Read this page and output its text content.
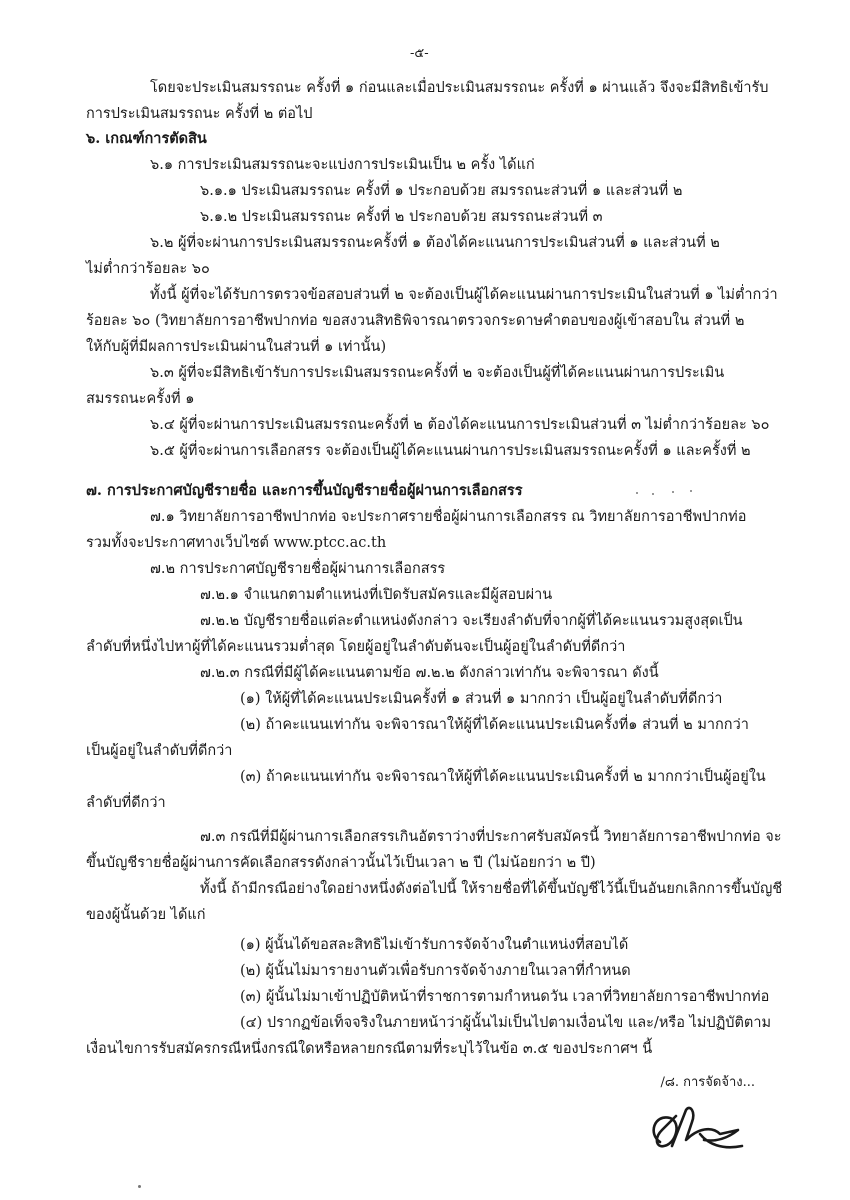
-๕-
โดยจะประเมินสมรรถนะ ครั้งที่ ๑ ก่อนและเมื่อประเมินสมรรถนะ ครั้งที่ ๑ ผ่านแล้ว จึงจะมีสิทธิเข้ารับ
การประเมินสมรรถนะ ครั้งที่ ๒ ต่อไป
๖. เกณฑ์การตัดสิน
๖.๑ การประเมินสมรรถนะจะแบ่งการประเมินเป็น ๒ ครั้ง ได้แก่
๖.๑.๑ ประเมินสมรรถนะ ครั้งที่ ๑ ประกอบด้วย สมรรถนะส่วนที่ ๑ และส่วนที่ ๒
๖.๑.๒ ประเมินสมรรถนะ ครั้งที่ ๒ ประกอบด้วย สมรรถนะส่วนที่ ๓
๖.๒ ผู้ที่จะผ่านการประเมินสมรรถนะครั้งที่ ๑ ต้องได้คะแนนการประเมินส่วนที่ ๑ และส่วนที่ ๒
ไม่ต่ำกว่าร้อยละ ๖๐
ทั้งนี้ ผู้ที่จะได้รับการตรวจข้อสอบส่วนที่ ๒ จะต้องเป็นผู้ได้คะแนนผ่านการประเมินในส่วนที่ ๑ ไม่ต่ำกว่า
ร้อยละ ๖๐ (วิทยาลัยการอาชีพปากท่อ ขอสงวนสิทธิพิจารณาตรวจกระดาษคำตอบของผู้เข้าสอบใน ส่วนที่ ๒
ให้กับผู้ที่มีผลการประเมินผ่านในส่วนที่ ๑ เท่านั้น)
๖.๓ ผู้ที่จะมีสิทธิเข้ารับการประเมินสมรรถนะครั้งที่ ๒ จะต้องเป็นผู้ที่ได้คะแนนผ่านการประเมิน
สมรรถนะครั้งที่ ๑
๖.๔ ผู้ที่จะผ่านการประเมินสมรรถนะครั้งที่ ๒ ต้องได้คะแนนการประเมินส่วนที่ ๓ ไม่ต่ำกว่าร้อยละ ๖๐
๖.๕ ผู้ที่จะผ่านการเลือกสรร จะต้องเป็นผู้ได้คะแนนผ่านการประเมินสมรรถนะครั้งที่ ๑ และครั้งที่ ๒
๗. การประกาศบัญชีรายชื่อ และการขึ้นบัญชีรายชื่อผู้ผ่านการเลือกสรร
๗.๑ วิทยาลัยการอาชีพปากท่อ จะประกาศรายชื่อผู้ผ่านการเลือกสรร ณ วิทยาลัยการอาชีพปากท่อ
รวมทั้งจะประกาศทางเว็บไซต์ www.ptcc.ac.th
๗.๒ การประกาศบัญชีรายชื่อผู้ผ่านการเลือกสรร
๗.๒.๑ จำแนกตามตำแหน่งที่เปิดรับสมัครและมีผู้สอบผ่าน
๗.๒.๒ บัญชีรายชื่อแต่ละตำแหน่งดังกล่าว จะเรียงลำดับที่จากผู้ที่ได้คะแนนรวมสูงสุดเป็น
ลำดับที่หนึ่งไปหาผู้ที่ได้คะแนนรวมต่ำสุด โดยผู้อยู่ในลำดับต้นจะเป็นผู้อยู่ในลำดับที่ดีกว่า
๗.๒.๓ กรณีที่มีผู้ได้คะแนนตามข้อ ๗.๒.๒ ดังกล่าวเท่ากัน จะพิจารณา ดังนี้
(๑) ให้ผู้ที่ได้คะแนนประเมินครั้งที่ ๑ ส่วนที่ ๑ มากกว่า เป็นผู้อยู่ในลำดับที่ดีกว่า
(๒) ถ้าคะแนนเท่ากัน จะพิจารณาให้ผู้ที่ได้คะแนนประเมินครั้งที่๑ ส่วนที่ ๒ มากกว่า
เป็นผู้อยู่ในลำดับที่ดีกว่า
(๓) ถ้าคะแนนเท่ากัน จะพิจารณาให้ผู้ที่ได้คะแนนประเมินครั้งที่ ๒ มากกว่าเป็นผู้อยู่ใน
ลำดับที่ดีกว่า
๗.๓ กรณีที่มีผู้ผ่านการเลือกสรรเกินอัตราว่างที่ประกาศรับสมัครนี้ วิทยาลัยการอาชีพปากท่อ จะ
ขึ้นบัญชีรายชื่อผู้ผ่านการคัดเลือกสรรดังกล่าวนั้นไว้เป็นเวลา ๒ ปี (ไม่น้อยกว่า ๒ ปี)
ทั้งนี้ ถ้ามีกรณีอย่างใดอย่างหนึ่งดังต่อไปนี้ ให้รายชื่อที่ได้ขึ้นบัญชีไว้นี้เป็นอันยกเลิกการขึ้นบัญชี
ของผู้นั้นด้วย ได้แก่
(๑) ผู้นั้นได้ขอสละสิทธิไม่เข้ารับการจัดจ้างในตำแหน่งที่สอบได้
(๒) ผู้นั้นไม่มารายงานตัวเพื่อรับการจัดจ้างภายในเวลาที่กำหนด
(๓) ผู้นั้นไม่มาเข้าปฏิบัติหน้าที่ราชการตามกำหนดวัน เวลาที่วิทยาลัยการอาชีพปากท่อ
(๔) ปรากฏข้อเท็จจริงในภายหน้าว่าผู้นั้นไม่เป็นไปตามเงื่อนไข และ/หรือ ไม่ปฏิบัติตาม
เงื่อนไขการรับสมัครกรณีหนึ่งกรณีใดหรือหลายกรณีตามที่ระบุไว้ในข้อ ๓.๕ ของประกาศฯ นี้
/๘. การจัดจ้าง...
